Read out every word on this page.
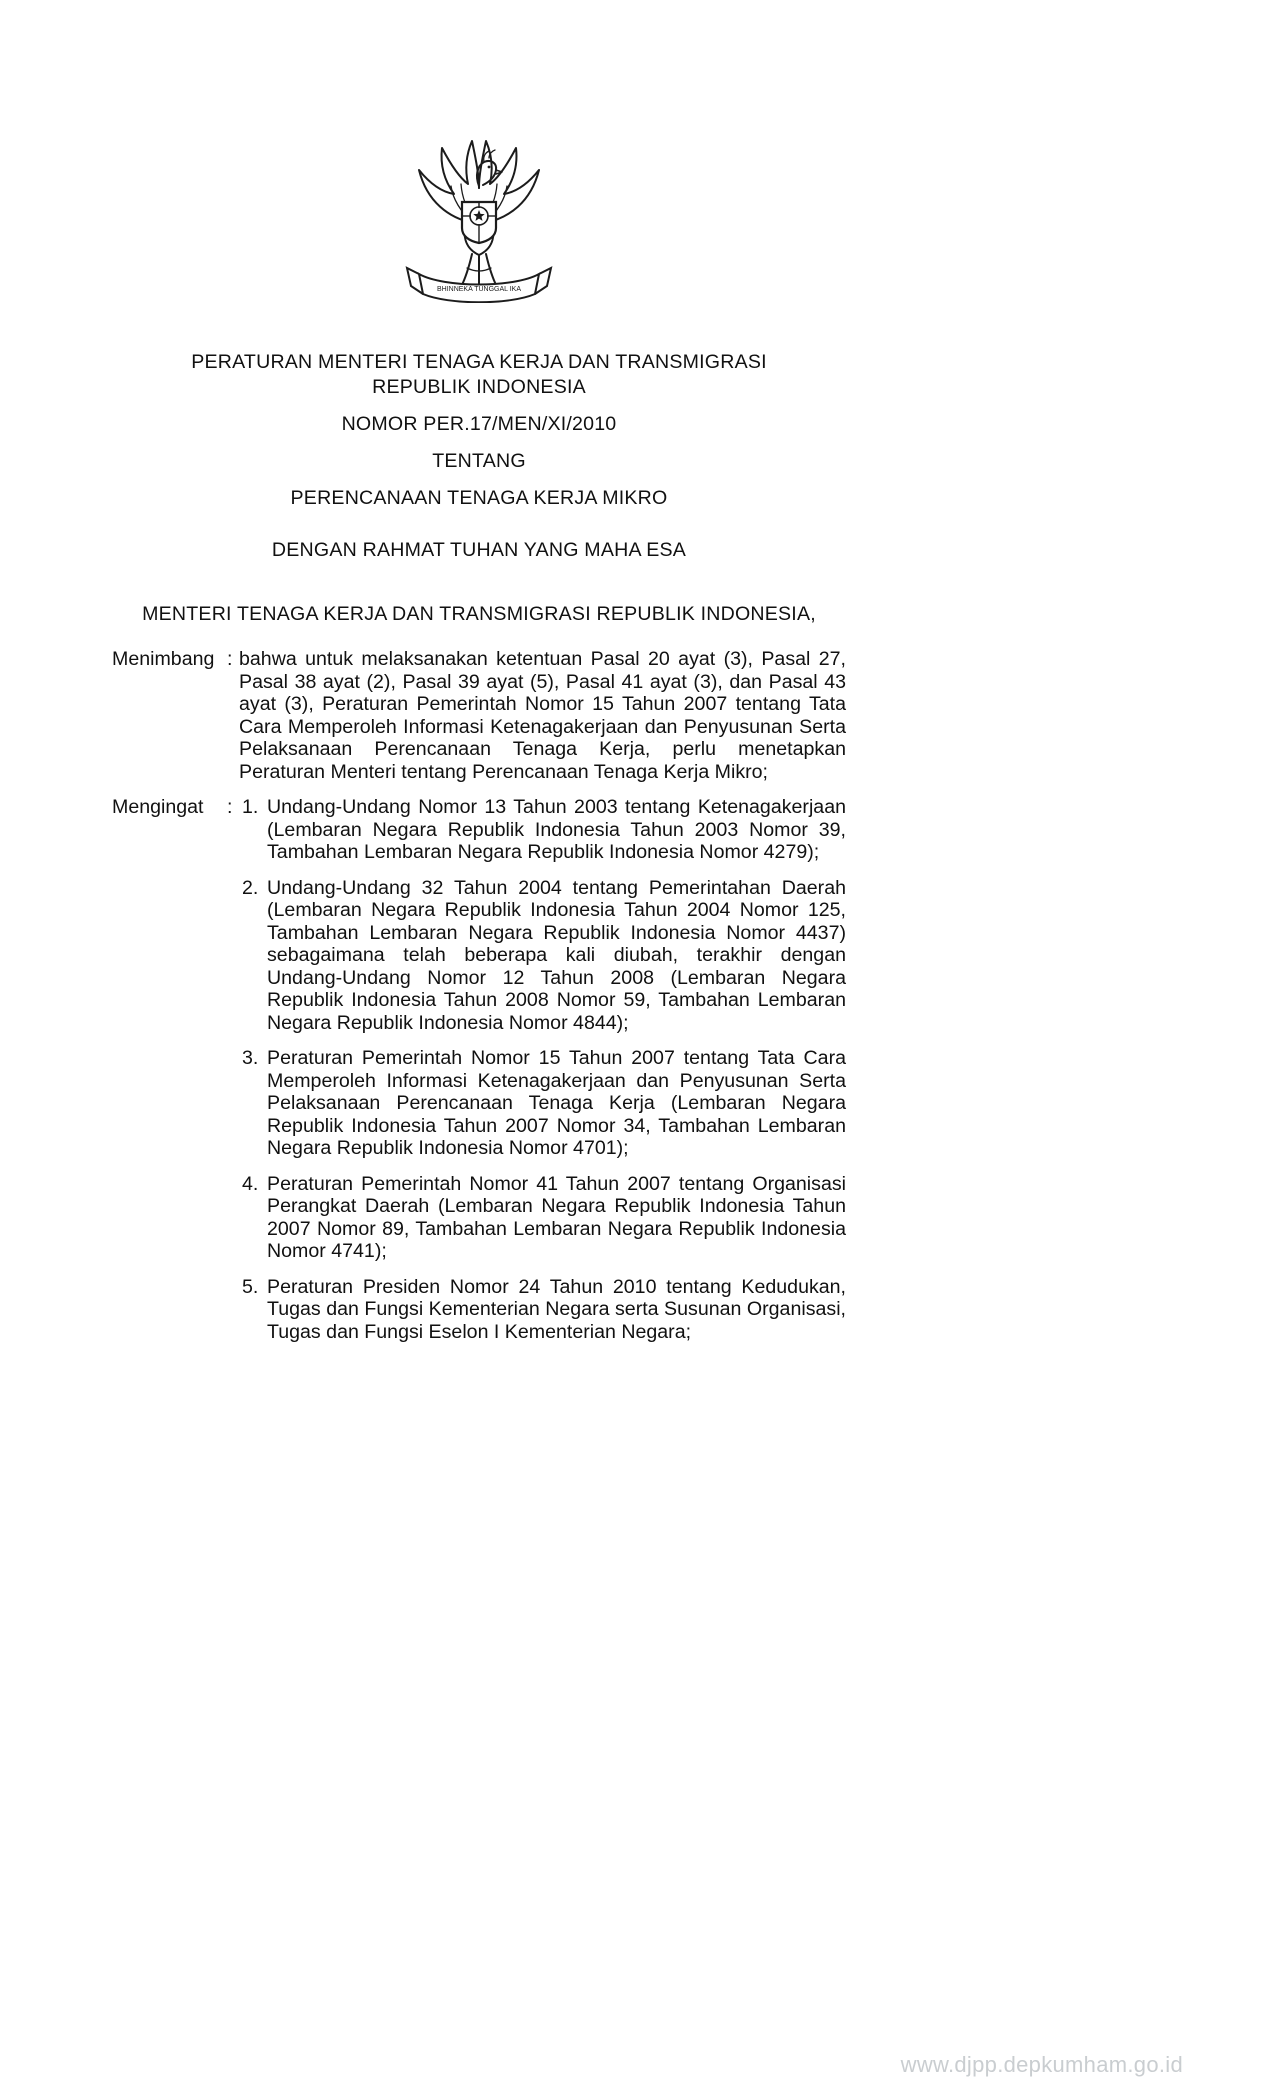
BHINNEKA TUNGGAL IKA
PERATURAN MENTERI TENAGA KERJA DAN TRANSMIGRASI
REPUBLIK INDONESIA
NOMOR PER.17/MEN/XI/2010
TENTANG
PERENCANAAN TENAGA KERJA MIKRO
DENGAN RAHMAT TUHAN YANG MAHA ESA
MENTERI TENAGA KERJA DAN TRANSMIGRASI REPUBLIK INDONESIA,
Menimbang : bahwa untuk melaksanakan ketentuan Pasal 20 ayat (3), Pasal 27, Pasal 38 ayat (2), Pasal 39 ayat (5), Pasal 41 ayat (3), dan Pasal 43 ayat (3), Peraturan Pemerintah Nomor 15 Tahun 2007 tentang Tata Cara Memperoleh Informasi Ketenagakerjaan dan Penyusunan Serta Pelaksanaan Perencanaan Tenaga Kerja, perlu menetapkan Peraturan Menteri tentang Perencanaan Tenaga Kerja Mikro;
Mengingat	: 1. Undang-Undang Nomor 13 Tahun 2003 tentang Ketenagakerjaan (Lembaran Negara Republik Indonesia Tahun 2003 Nomor 39, Tambahan Lembaran Negara Republik Indonesia Nomor 4279);
2. Undang-Undang 32 Tahun 2004 tentang Pemerintahan Daerah (Lembaran Negara Republik Indonesia Tahun 2004 Nomor 125, Tambahan Lembaran Negara Republik Indonesia Nomor 4437) sebagaimana telah beberapa kali diubah, terakhir dengan Undang-Undang Nomor 12 Tahun 2008 (Lembaran Negara Republik Indonesia Tahun 2008 Nomor 59, Tambahan Lembaran Negara Republik Indonesia Nomor 4844);
3. Peraturan Pemerintah Nomor 15 Tahun 2007 tentang Tata Cara Memperoleh Informasi Ketenagakerjaan dan Penyusunan Serta Pelaksanaan Perencanaan Tenaga Kerja (Lembaran Negara Republik Indonesia Tahun 2007 Nomor 34, Tambahan Lembaran Negara Republik Indonesia Nomor 4701);
4. Peraturan Pemerintah Nomor 41 Tahun 2007 tentang Organisasi Perangkat Daerah (Lembaran Negara Republik Indonesia Tahun 2007 Nomor 89, Tambahan Lembaran Negara Republik Indonesia Nomor 4741);
5. Peraturan Presiden Nomor 24 Tahun 2010 tentang Kedudukan, Tugas dan Fungsi Kementerian Negara serta Susunan Organisasi, Tugas dan Fungsi Eselon I Kementerian Negara;
www.djpp.depkumham.go.id
